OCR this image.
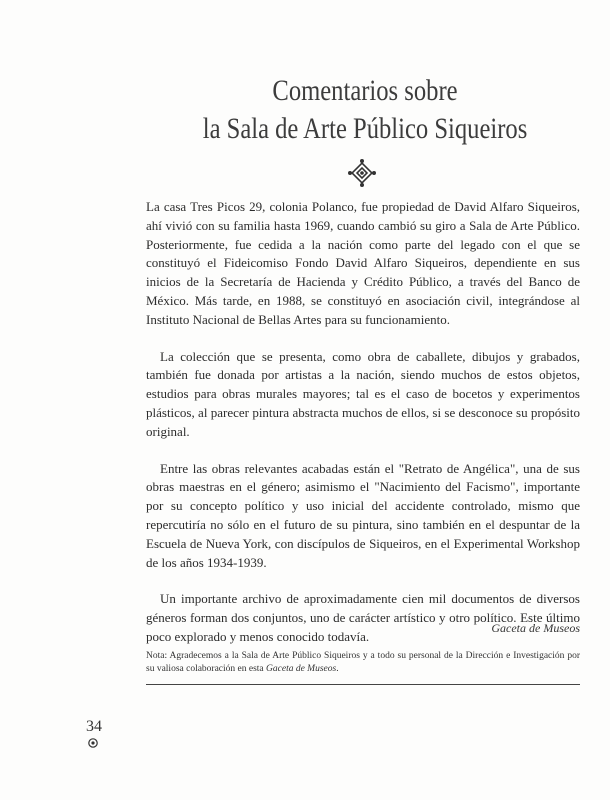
Comentarios sobre
la Sala de Arte Público Siqueiros

La casa Tres Picos 29, colonia Polanco, fue propiedad de David Alfaro Siqueiros, ahí vivió con su familia hasta 1969, cuando cambió su giro a Sala de Arte Público. Posteriormente, fue cedida a la nación como parte del legado con el que se constituyó el Fideicomiso Fondo David Alfaro Siqueiros, dependiente en sus inicios de la Secretaría de Hacienda y Crédito Público, a través del Banco de México. Más tarde, en 1988, se constituyó en asociación civil, integrándose al Instituto Nacional de Bellas Artes para su funcionamiento.

La colección que se presenta, como obra de caballete, dibujos y grabados, también fue donada por artistas a la nación, siendo muchos de estos objetos, estudios para obras murales mayores; tal es el caso de bocetos y experimentos plásticos, al parecer pintura abstracta muchos de ellos, si se desconoce su propósito original.

Entre las obras relevantes acabadas están el "Retrato de Angélica", una de sus obras maestras en el género; asimismo el "Nacimiento del Facismo", importante por su concepto político y uso inicial del accidente controlado, mismo que repercutiría no sólo en el futuro de su pintura, sino también en el despuntar de la Escuela de Nueva York, con discípulos de Siqueiros, en el Experimental Workshop de los años 1934-1939.

Un importante archivo de aproximadamente cien mil documentos de diversos géneros forman dos conjuntos, uno de carácter artístico y otro político. Este último poco explorado y menos conocido todavía.

Gaceta de Museos
Nota: Agradecemos a la Sala de Arte Público Siqueiros y a todo su personal de la Dirección e Investigación por su valiosa colaboración en esta Gaceta de Museos.
34
